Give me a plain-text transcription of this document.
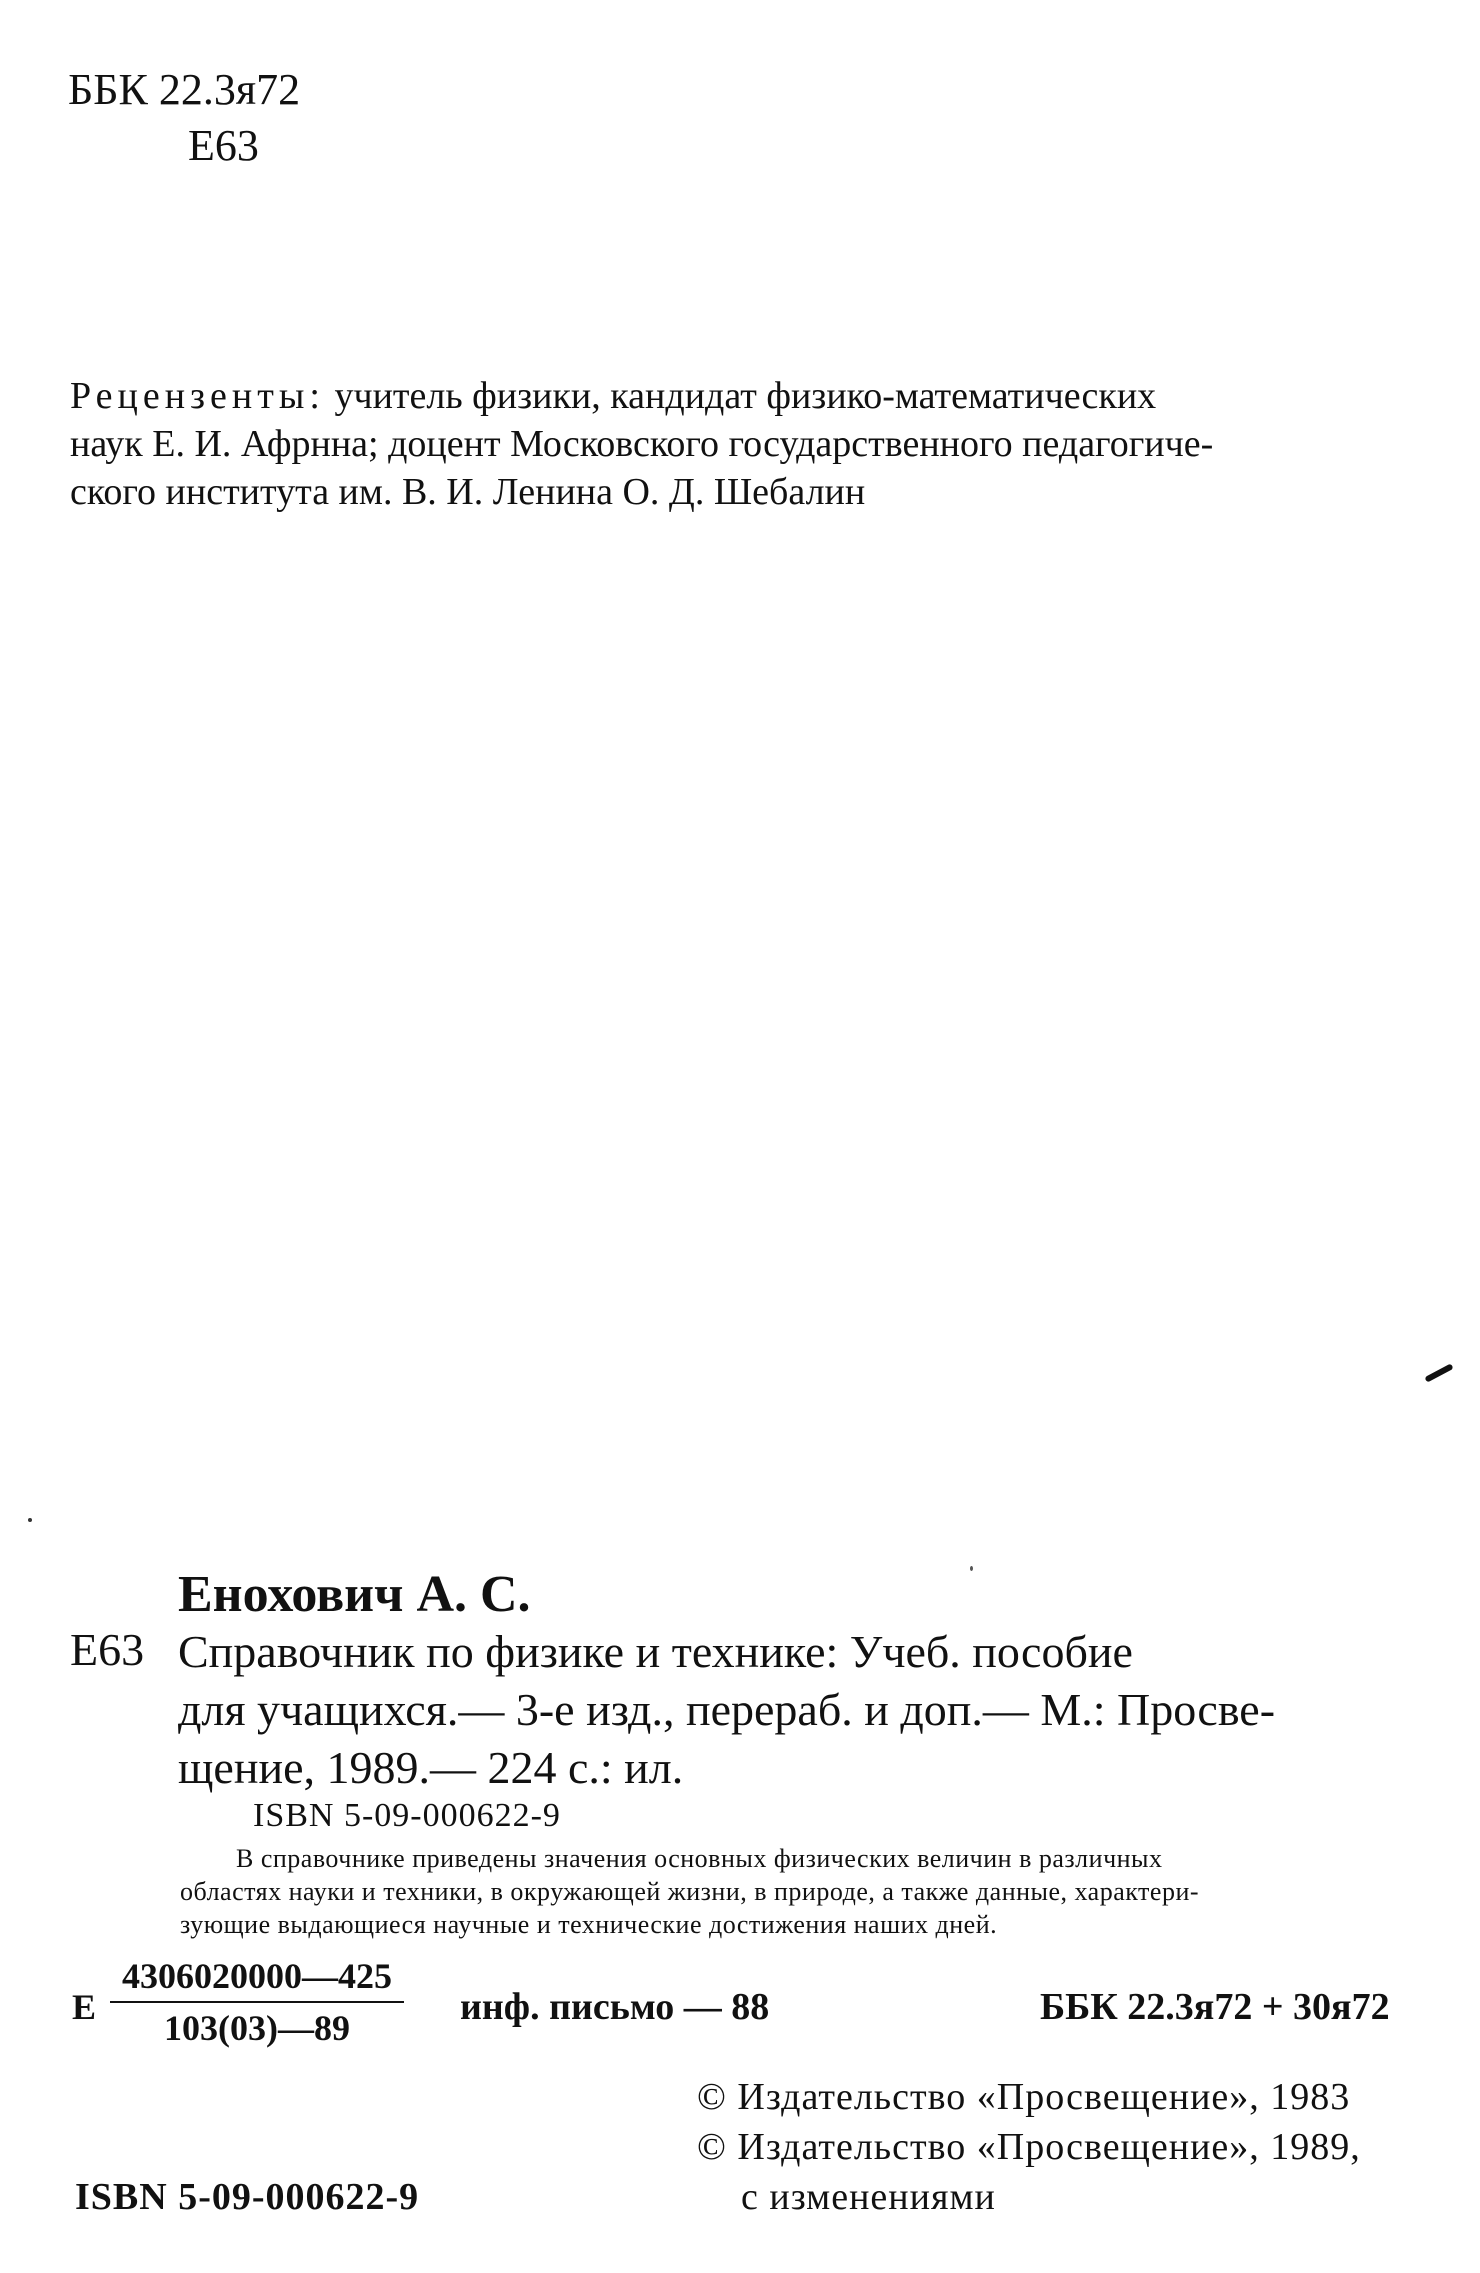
ББК 22.3я72
Е63
Рецензенты: учитель физики, кандидат физико-математических
наук Е. И. Афрнна; доцент Московского государственного педагогиче-
ского института им. В. И. Ленина О. Д. Шебалин
Енохович А. С.
Е63 Справочник по физике и технике: Учеб. пособие
для учащихся.— 3-е изд., перераб. и доп.— М.: Просве-
щение, 1989.— 224 с.: ил.
ISBN 5-09-000622-9
В справочнике приведены значения основных физических величин в различных
областях науки и техники, в окружающей жизни, в природе, а также данные, характери-
зующие выдающиеся научные и технические достижения наших дней.
Е $\frac{4306020000—425}{103(03)—89}$ инф. письмо — 88	ББК 22.3я72 + 30я72
© Издательство «Просвещение», 1983
© Издательство «Просвещение», 1989,
с изменениями
ISBN 5-09-000622-9
